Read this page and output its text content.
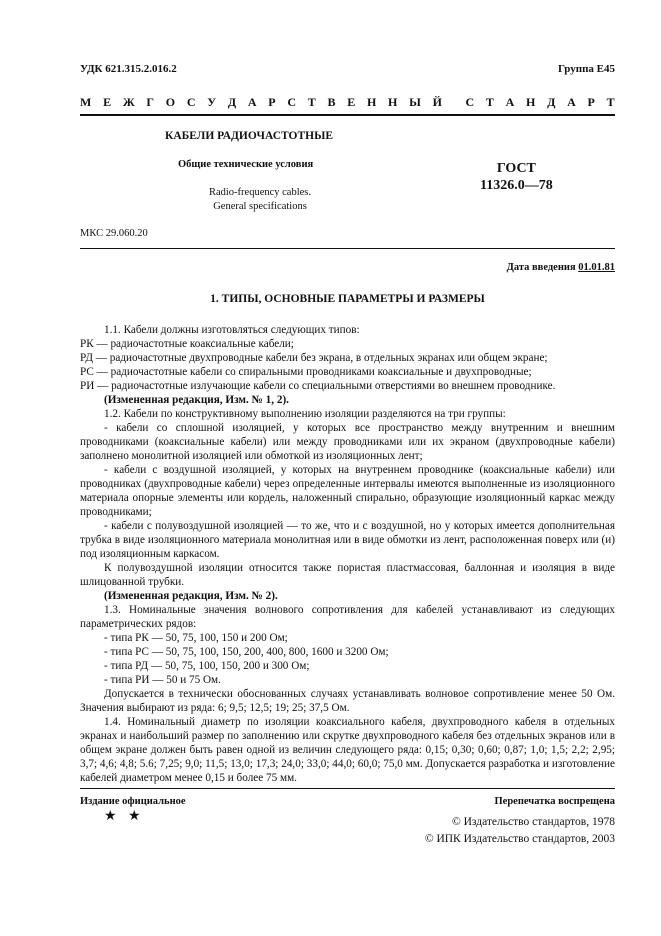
УДК 621.315.2.016.2	Группа Е45
М Е Ж Г О С У Д А Р С Т В Е Н Н Ы Й С Т А Н Д А Р Т
КАБЕЛИ РАДИОЧАСТОТНЫЕ
Общие технические условия	ГОСТ
11326.0—78
Radio-frequency cables.
General specifications
МКС 29.060.20
Дата введения 01.01.81
1. ТИПЫ, ОСНОВНЫЕ ПАРАМЕТРЫ И РАЗМЕРЫ

1.1. Кабели должны изготовляться следующих типов:

РК — радиочастотные коаксиальные кабели;

РД — радиочастотные двухпроводные кабели без экрана, в отдельных экранах или общем экране;

РС — радиочастотные кабели со спиральными проводниками коаксиальные и двухпроводные;

РИ — радиочастотные излучающие кабели со специальными отверстиями во внешнем проводнике.

(Измененная редакция, Изм. № 1, 2).

1.2. Кабели по конструктивному выполнению изоляции разделяются на три группы:

- кабели со сплошной изоляцией, у которых все пространство между внутренним и внешним проводниками (коаксиальные кабели) или между проводниками или их экраном (двухпроводные кабели) заполнено монолитной изоляцией или обмоткой из изоляционных лент;

- кабели с воздушной изоляцией, у которых на внутреннем проводнике (коаксиальные кабели) или проводниках (двухпроводные кабели) через определенные интервалы имеются выполненные из изоляционного материала опорные элементы или кордель, наложенный спирально, образующие изоляционный каркас между проводниками;

- кабели с полувоздушной изоляцией — то же, что и с воздушной, но у которых имеется дополнительная трубка в виде изоляционного материала монолитная или в виде обмотки из лент, расположенная поверх или (и) под изоляционным каркасом.

К полувоздушной изоляции относится также пористая пластмассовая, баллонная и изоляция в виде шлицованной трубки.

(Измененная редакция, Изм. № 2).

1.3. Номинальные значения волнового сопротивления для кабелей устанавливают из следующих параметрических рядов:

- типа РК — 50, 75, 100, 150 и 200 Ом;

- типа РС — 50, 75, 100, 150, 200, 400, 800, 1600 и 3200 Ом;

- типа РД — 50, 75, 100, 150, 200 и 300 Ом;

- типа РИ — 50 и 75 Ом.

Допускается в технически обоснованных случаях устанавливать волновое сопротивление менее 50 Ом. Значения выбирают из ряда: 6; 9,5; 12,5; 19; 25; 37,5 Ом.

1.4. Номинальный диаметр по изоляции коаксиального кабеля, двухпроводного кабеля в отдельных экранах и наибольший размер по заполнению или скрутке двухпроводного кабеля без отдельных экранов или в общем экране должен быть равен одной из величин следующего ряда: 0,15; 0,30; 0,60; 0,87; 1,0; 1,5; 2,2; 2,95; 3,7; 4,6; 4,8; 5.6; 7,25; 9,0; 11,5; 13,0; 17,3; 24,0; 33,0; 44,0; 60,0; 75,0 мм. Допускается разработка и изготовление кабелей диаметром менее 0,15 и более 75 мм.

Издание официальное
★ ★
Перепечатка воспрещена
© Издательство стандартов, 1978
© ИПК Издательство стандартов, 2003
